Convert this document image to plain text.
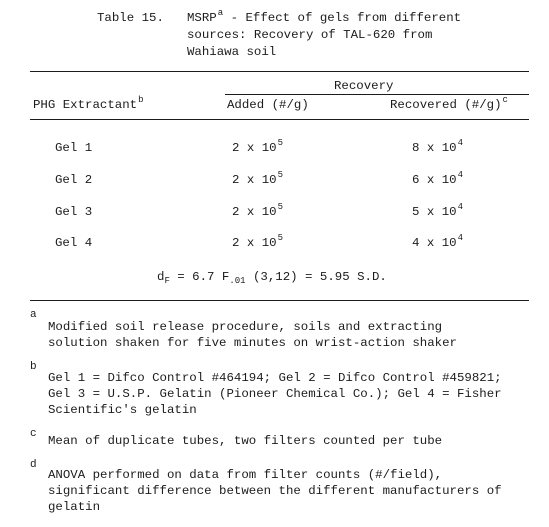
Table 15. MSRP$^a$ - Effect of gels from different
sources: Recovery of TAL-620 from
Wahiawa soil
Recovery
PHG Extractant$^b$	Added (#/g)	Recovered (#/g)$^c$
Gel 1	2 x $10^5$	8 x $10^4$
Gel 2	2 x $10^5$	6 x $10^4$
Gel 3	2 x $10^5$	5 x $10^4$
Gel 4	2 x $10^5$	4 x $10^4$
$d_F = 6.7$ $F_{.01}$ (3,12) = 5.95 S.D.
a
Modified soil release procedure, soils and extracting solution shaken for five minutes on wrist-action shaker
b
Gel 1 = Difco Control #464194; Gel 2 = Difco Control #459821; Gel 3 = U.S.P. Gelatin (Pioneer Chemical Co.); Gel 4 = Fisher Scientific's gelatin
c Mean of duplicate tubes, two filters counted per tube
d
ANOVA performed on data from filter counts (#/field), significant difference between the different manufacturers of gelatin
